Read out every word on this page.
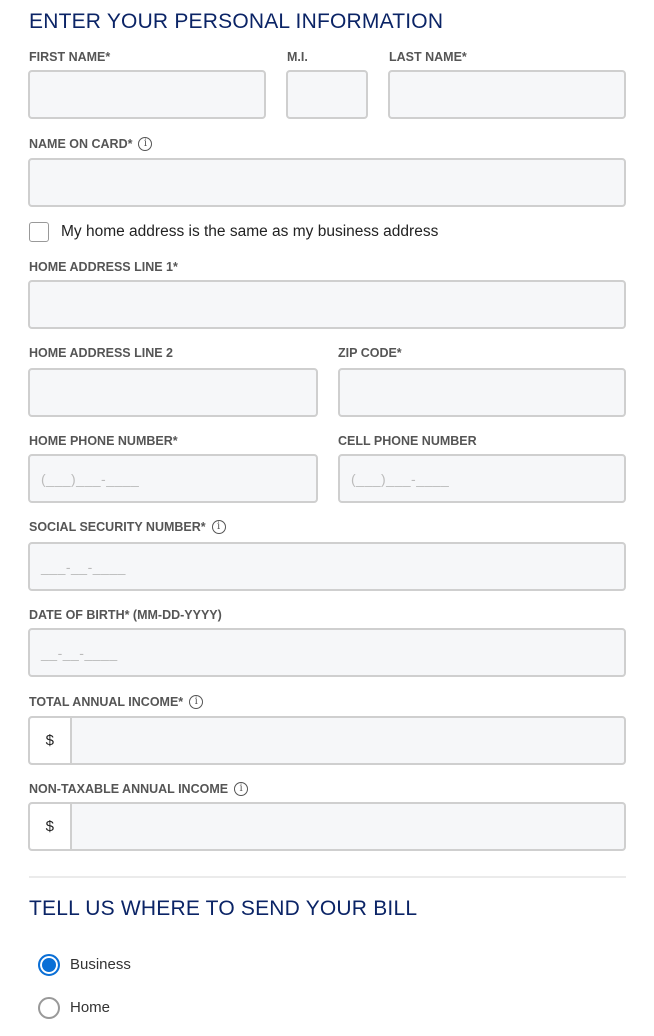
ENTER YOUR PERSONAL INFORMATION
FIRST NAME*	M.I.	LAST NAME*
NAME ON CARD*	i
My home address is the same as my business address
HOME ADDRESS LINE 1*
HOME ADDRESS LINE 2	ZIP CODE*
HOME PHONE NUMBER*	CELL PHONE NUMBER
(___)___-____	(___)___-____
SOCIAL SECURITY NUMBER*	i
___-__-____
DATE OF BIRTH* (MM-DD-YYYY)
__-__-____
TOTAL ANNUAL INCOME*	i
$
NON-TAXABLE ANNUAL INCOME	i
$
TELL US WHERE TO SEND YOUR BILL
Business
Home
